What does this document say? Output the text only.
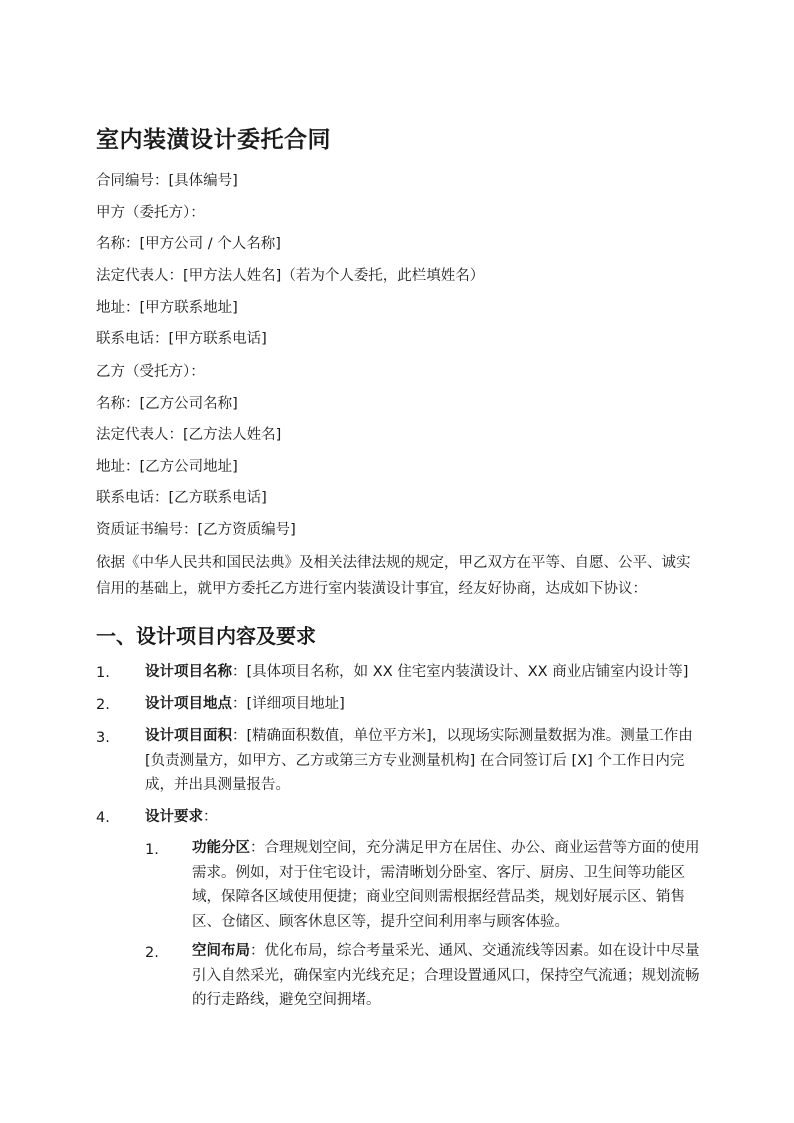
室内装潢设计委托合同
合同编号：[具体编号]
甲方（委托方）：
名称：[甲方公司 / 个人名称]
法定代表人：[甲方法人姓名]（若为个人委托，此栏填姓名）
地址：[甲方联系地址]
联系电话：[甲方联系电话]
乙方（受托方）：
名称：[乙方公司名称]
法定代表人：[乙方法人姓名]
地址：[乙方公司地址]
联系电话：[乙方联系电话]
资质证书编号：[乙方资质编号]

依据《中华人民共和国民法典》及相关法律法规的规定，甲乙双方在平等、自愿、公平、诚实信用的基础上，就甲方委托乙方进行室内装潢设计事宜，经友好协商，达成如下协议：

一、设计项目内容及要求
1. 设计项目名称：[具体项目名称，如 XX 住宅室内装潢设计、XX 商业店铺室内设计等]
2. 设计项目地点：[详细项目地址]
3. 设计项目面积：[精确面积数值，单位平方米]，以现场实际测量数据为准。测量工作由[负责测量方，如甲方、乙方或第三方专业测量机构] 在合同签订后 [X] 个工作日内完成，并出具测量报告。
4. 设计要求：
1. 功能分区：合理规划空间，充分满足甲方在居住、办公、商业运营等方面的使用需求。例如，对于住宅设计，需清晰划分卧室、客厅、厨房、卫生间等功能区域，保障各区域使用便捷；商业空间则需根据经营品类，规划好展示区、销售区、仓储区、顾客休息区等，提升空间利用率与顾客体验。
2. 空间布局：优化布局，综合考量采光、通风、交通流线等因素。如在设计中尽量引入自然采光，确保室内光线充足；合理设置通风口，保持空气流通；规划流畅的行走路线，避免空间拥堵。
